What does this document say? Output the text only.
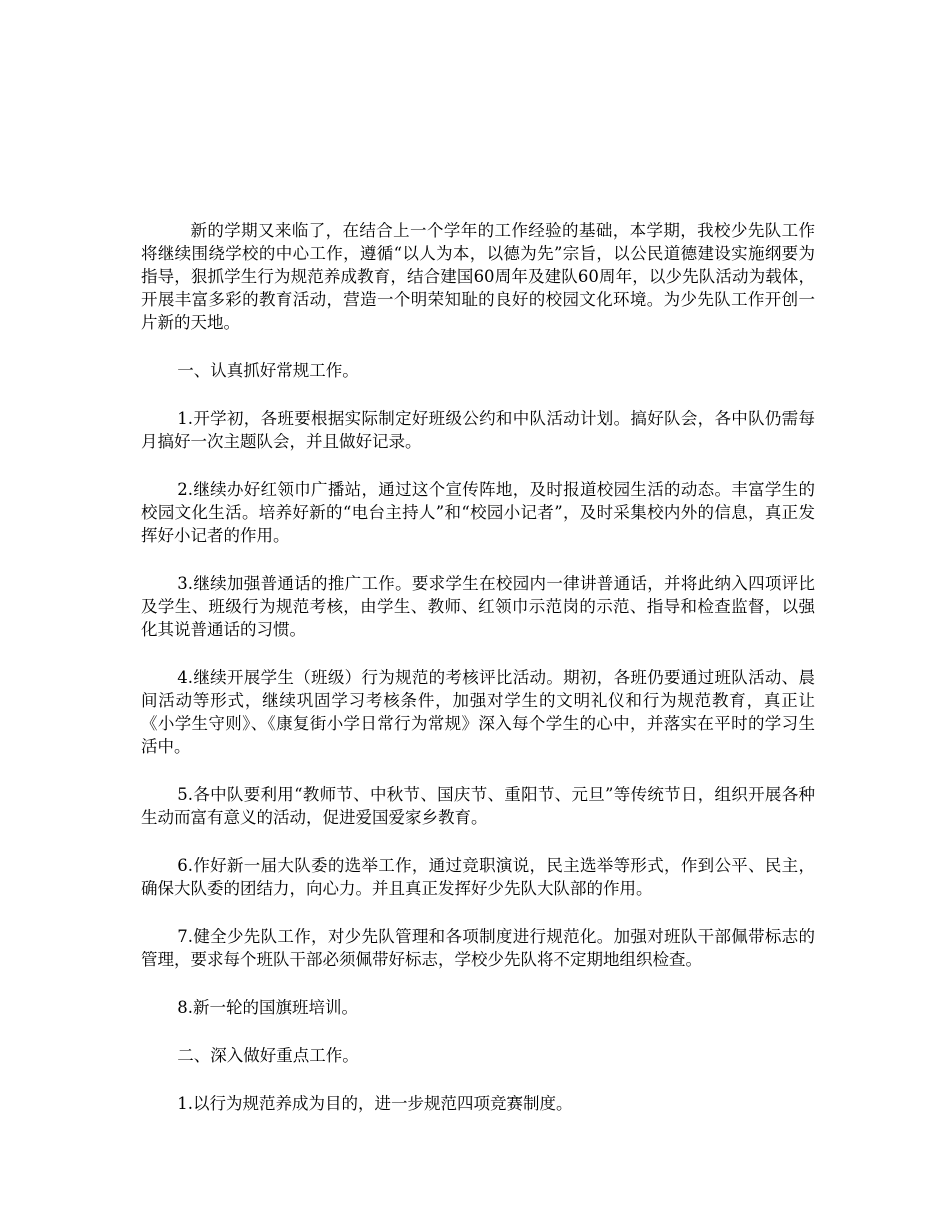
新的学期又来临了，在结合上一个学年的工作经验的基础，本学期，我校少先队工作将继续围绕学校的中心工作，遵循“以人为本，以德为先”宗旨，以公民道德建设实施纲要为指导，狠抓学生行为规范养成教育，结合建国60周年及建队60周年，以少先队活动为载体，开展丰富多彩的教育活动，营造一个明荣知耻的良好的校园文化环境。为少先队工作开创一片新的天地。

一、认真抓好常规工作。

1.开学初，各班要根据实际制定好班级公约和中队活动计划。搞好队会，各中队仍需每月搞好一次主题队会，并且做好记录。

2.继续办好红领巾广播站，通过这个宣传阵地，及时报道校园生活的动态。丰富学生的校园文化生活。培养好新的“电台主持人”和“校园小记者”，及时采集校内外的信息，真正发挥好小记者的作用。

3.继续加强普通话的推广工作。要求学生在校园内一律讲普通话，并将此纳入四项评比及学生、班级行为规范考核，由学生、教师、红领巾示范岗的示范、指导和检查监督，以强化其说普通话的习惯。

4.继续开展学生（班级）行为规范的考核评比活动。期初，各班仍要通过班队活动、晨间活动等形式，继续巩固学习考核条件，加强对学生的文明礼仪和行为规范教育，真正让《小学生守则》、《康复街小学日常行为常规》深入每个学生的心中，并落实在平时的学习生活中。

5.各中队要利用“教师节、中秋节、国庆节、重阳节、元旦”等传统节日，组织开展各种生动而富有意义的活动，促进爱国爱家乡教育。

6.作好新一届大队委的选举工作，通过竞职演说，民主选举等形式，作到公平、民主，确保大队委的团结力，向心力。并且真正发挥好少先队大队部的作用。

7.健全少先队工作，对少先队管理和各项制度进行规范化。加强对班队干部佩带标志的管理，要求每个班队干部必须佩带好标志，学校少先队将不定期地组织检查。

8.新一轮的国旗班培训。

二、深入做好重点工作。

1.以行为规范养成为目的，进一步规范四项竞赛制度。
